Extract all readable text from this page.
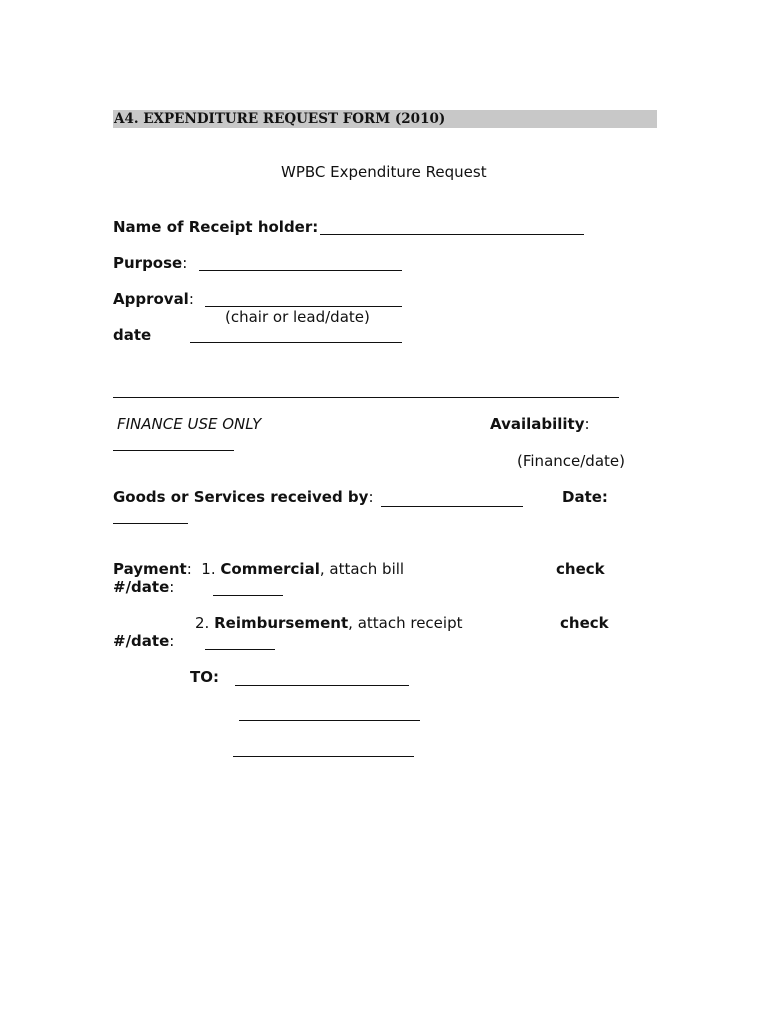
A4. EXPENDITURE REQUEST FORM (2010)
WPBC Expenditure Request
Name of Receipt holder:
Purpose:
Approval:
(chair or lead/date)
date
FINANCE USE ONLY	Availability:
(Finance/date)
Goods or Services received by:	Date:
Payment: 1. Commercial, attach bill	check
#/date:
2. Reimbursement, attach receipt	check
#/date:
TO:
